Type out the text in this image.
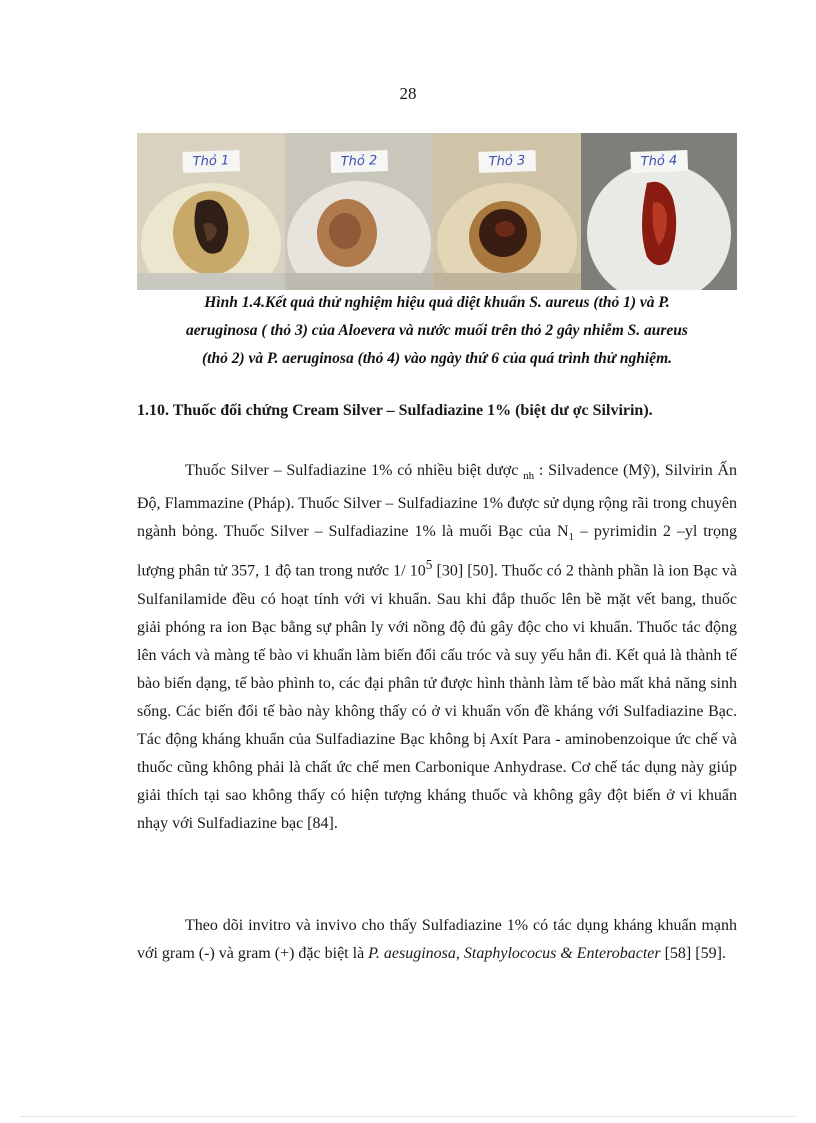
28
Thỏ 1	Thỏ 2	Thỏ 3	Thỏ 4

Hình 1.4.Kết quả thử nghiệm hiệu quả diệt khuẩn S. aureus (thỏ 1) và P.

aeruginosa ( thỏ 3) của Aloevera và nước muối trên thỏ 2 gây nhiễm S. aureus

(thỏ 2) và P. aeruginosa (thỏ 4) vào ngày thứ 6 của quá trình thử nghiệm.

1.10. Thuốc đối chứng Cream Silver – Sulfadiazine 1% (biệt dư ợc Silvirin).

Thuốc Silver – Sulfadiazine 1% có nhiều biệt dược $_{nh}$ : Silvadence (Mỹ), Silvirin Ấn Độ, Flammazine (Pháp). Thuốc Silver – Sulfadiazine 1% được sử dụng rộng rãi trong chuyên ngành bỏng. Thuốc Silver – Sulfadiazine 1% là muối Bạc của $N_1$ – pyrimidin 2 –yl trọng lượng phân tử 357, 1 độ tan trong nước 1/ $10^5$ [30] [50]. Thuốc có 2 thành phần là ion Bạc và Sulfanilamide đều có hoạt tính với vi khuẩn. Sau khi đắp thuốc lên bề mặt vết bang, thuốc giải phóng ra ion Bạc bằng sự phân ly với nồng độ đủ gây độc cho vi khuẩn. Thuốc tác động lên vách và màng tế bào vi khuẩn làm biến đổi cấu tróc và suy yếu hẳn đi. Kết quả là thành tế bào biến dạng, tế bào phình to, các đại phân tử được hình thành làm tế bào mất khả năng sinh sống. Các biến đổi tế bào này không thấy có ở vi khuẩn vốn đề kháng với Sulfadiazine Bạc. Tác động kháng khuẩn của Sulfadiazine Bạc không bị Axít Para - aminobenzoique ức chế và thuốc cũng không phải là chất ức chế men Carbonique Anhydrase. Cơ chế tác dụng này giúp giải thích tại sao không thấy có hiện tượng kháng thuốc và không gây đột biến ở vi khuẩn nhạy với Sulfadiazine bạc [84].

Theo dõi invitro và invivo cho thấy Sulfadiazine 1% có tác dụng kháng khuẩn mạnh với gram (-) và gram (+) đặc biệt là P. aesuginosa, Staphylococus & Enterobacter [58] [59].
